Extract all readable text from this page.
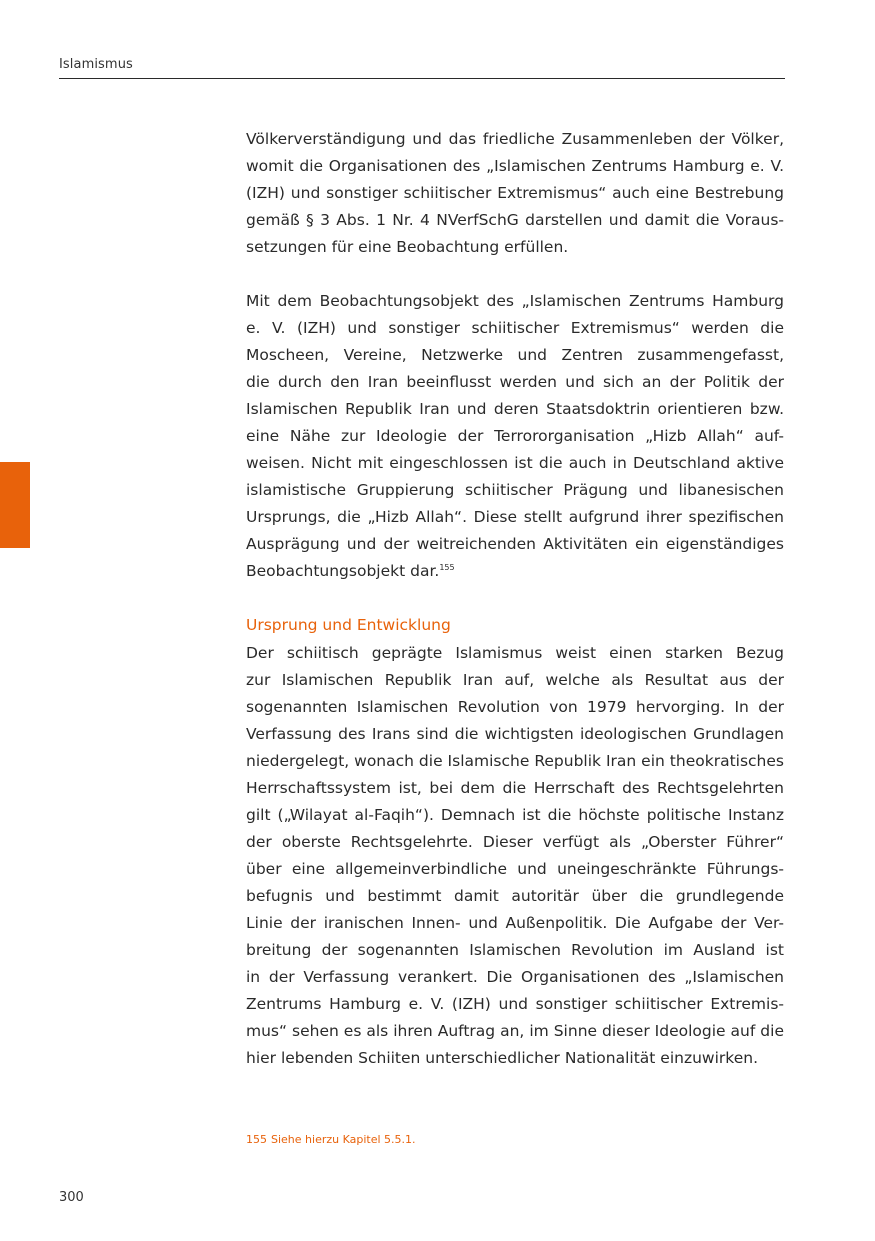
Islamismus
Völkerverständigung und das friedliche Zusammenleben der Völker,
womit die Organisationen des „Islamischen Zentrums Hamburg e. V.
(IZH) und sonstiger schiitischer Extremismus“ auch eine Bestrebung
gemäß § 3 Abs. 1 Nr. 4 NVerfSchG darstellen und damit die Voraus-
setzungen für eine Beobachtung erfüllen.
Mit dem Beobachtungsobjekt des „Islamischen Zentrums Hamburg
e. V. (IZH) und sonstiger schiitischer Extremismus“ werden die
Moscheen, Vereine, Netzwerke und Zentren zusammengefasst,
die durch den Iran beeinflusst werden und sich an der Politik der
Islamischen Republik Iran und deren Staatsdoktrin orientieren bzw.
eine Nähe zur Ideologie der Terrororganisation „Hizb Allah“ auf-
weisen. Nicht mit eingeschlossen ist die auch in Deutschland aktive
islamistische Gruppierung schiitischer Prägung und libanesischen
Ursprungs, die „Hizb Allah“. Diese stellt aufgrund ihrer spezifischen
Ausprägung und der weitreichenden Aktivitäten ein eigenständiges
Beobachtungsobjekt dar.$^{155}$
Ursprung und Entwicklung
Der schiitisch geprägte Islamismus weist einen starken Bezug
zur Islamischen Republik Iran auf, welche als Resultat aus der
sogenannten Islamischen Revolution von 1979 hervorging. In der
Verfassung des Irans sind die wichtigsten ideologischen Grundlagen
niedergelegt, wonach die Islamische Republik Iran ein theokratisches
Herrschaftssystem ist, bei dem die Herrschaft des Rechtsgelehrten
gilt („Wilayat al-Faqih“). Demnach ist die höchste politische Instanz
der oberste Rechtsgelehrte. Dieser verfügt als „Oberster Führer“
über eine allgemeinverbindliche und uneingeschränkte Führungs-
befugnis und bestimmt damit autoritär über die grundlegende
Linie der iranischen Innen- und Außenpolitik. Die Aufgabe der Ver-
breitung der sogenannten Islamischen Revolution im Ausland ist
in der Verfassung verankert. Die Organisationen des „Islamischen
Zentrums Hamburg e. V. (IZH) und sonstiger schiitischer Extremis-
mus“ sehen es als ihren Auftrag an, im Sinne dieser Ideologie auf die
hier lebenden Schiiten unterschiedlicher Nationalität einzuwirken.
155 Siehe hierzu Kapitel 5.5.1.
300
